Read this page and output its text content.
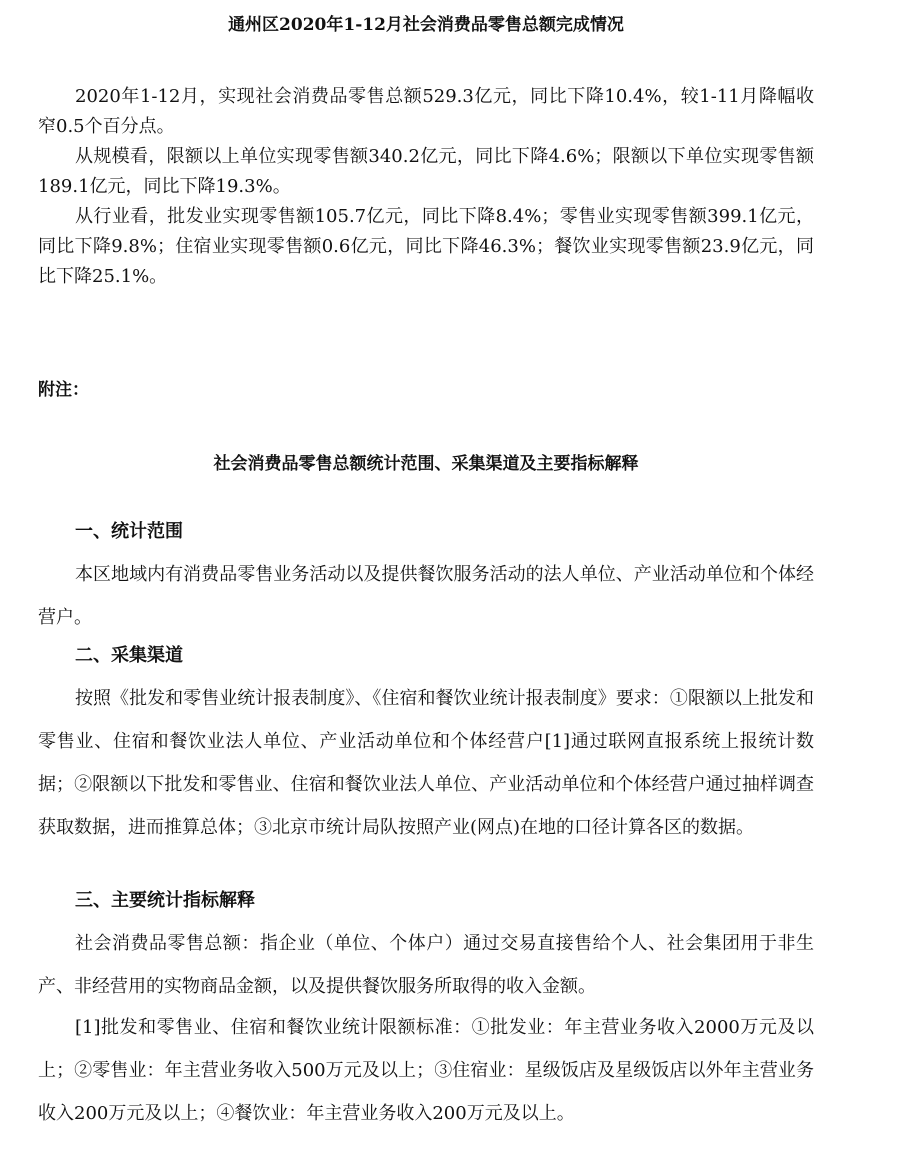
通州区2020年1-12月社会消费品零售总额完成情况

2020年1-12月，实现社会消费品零售总额529.3亿元，同比下降10.4%，较1-11月降幅收窄0.5个百分点。

从规模看，限额以上单位实现零售额340.2亿元，同比下降4.6%；限额以下单位实现零售额189.1亿元，同比下降19.3%。

从行业看，批发业实现零售额105.7亿元，同比下降8.4%；零售业实现零售额399.1亿元，同比下降9.8%；住宿业实现零售额0.6亿元，同比下降46.3%；餐饮业实现零售额23.9亿元，同比下降25.1%。

附注：
社会消费品零售总额统计范围、采集渠道及主要指标解释

一、统计范围

本区地域内有消费品零售业务活动以及提供餐饮服务活动的法人单位、产业活动单位和个体经营户。

二、采集渠道

按照《批发和零售业统计报表制度》、《住宿和餐饮业统计报表制度》要求：①限额以上批发和零售业、住宿和餐饮业法人单位、产业活动单位和个体经营户[1]通过联网直报系统上报统计数据；②限额以下批发和零售业、住宿和餐饮业法人单位、产业活动单位和个体经营户通过抽样调查获取数据，进而推算总体；③北京市统计局队按照产业(网点)在地的口径计算各区的数据。

三、主要统计指标解释

社会消费品零售总额：指企业（单位、个体户）通过交易直接售给个人、社会集团用于非生产、非经营用的实物商品金额，以及提供餐饮服务所取得的收入金额。

[1]批发和零售业、住宿和餐饮业统计限额标准：①批发业：年主营业务收入2000万元及以上；②零售业：年主营业务收入500万元及以上；③住宿业：星级饭店及星级饭店以外年主营业务收入200万元及以上；④餐饮业：年主营业务收入200万元及以上。
